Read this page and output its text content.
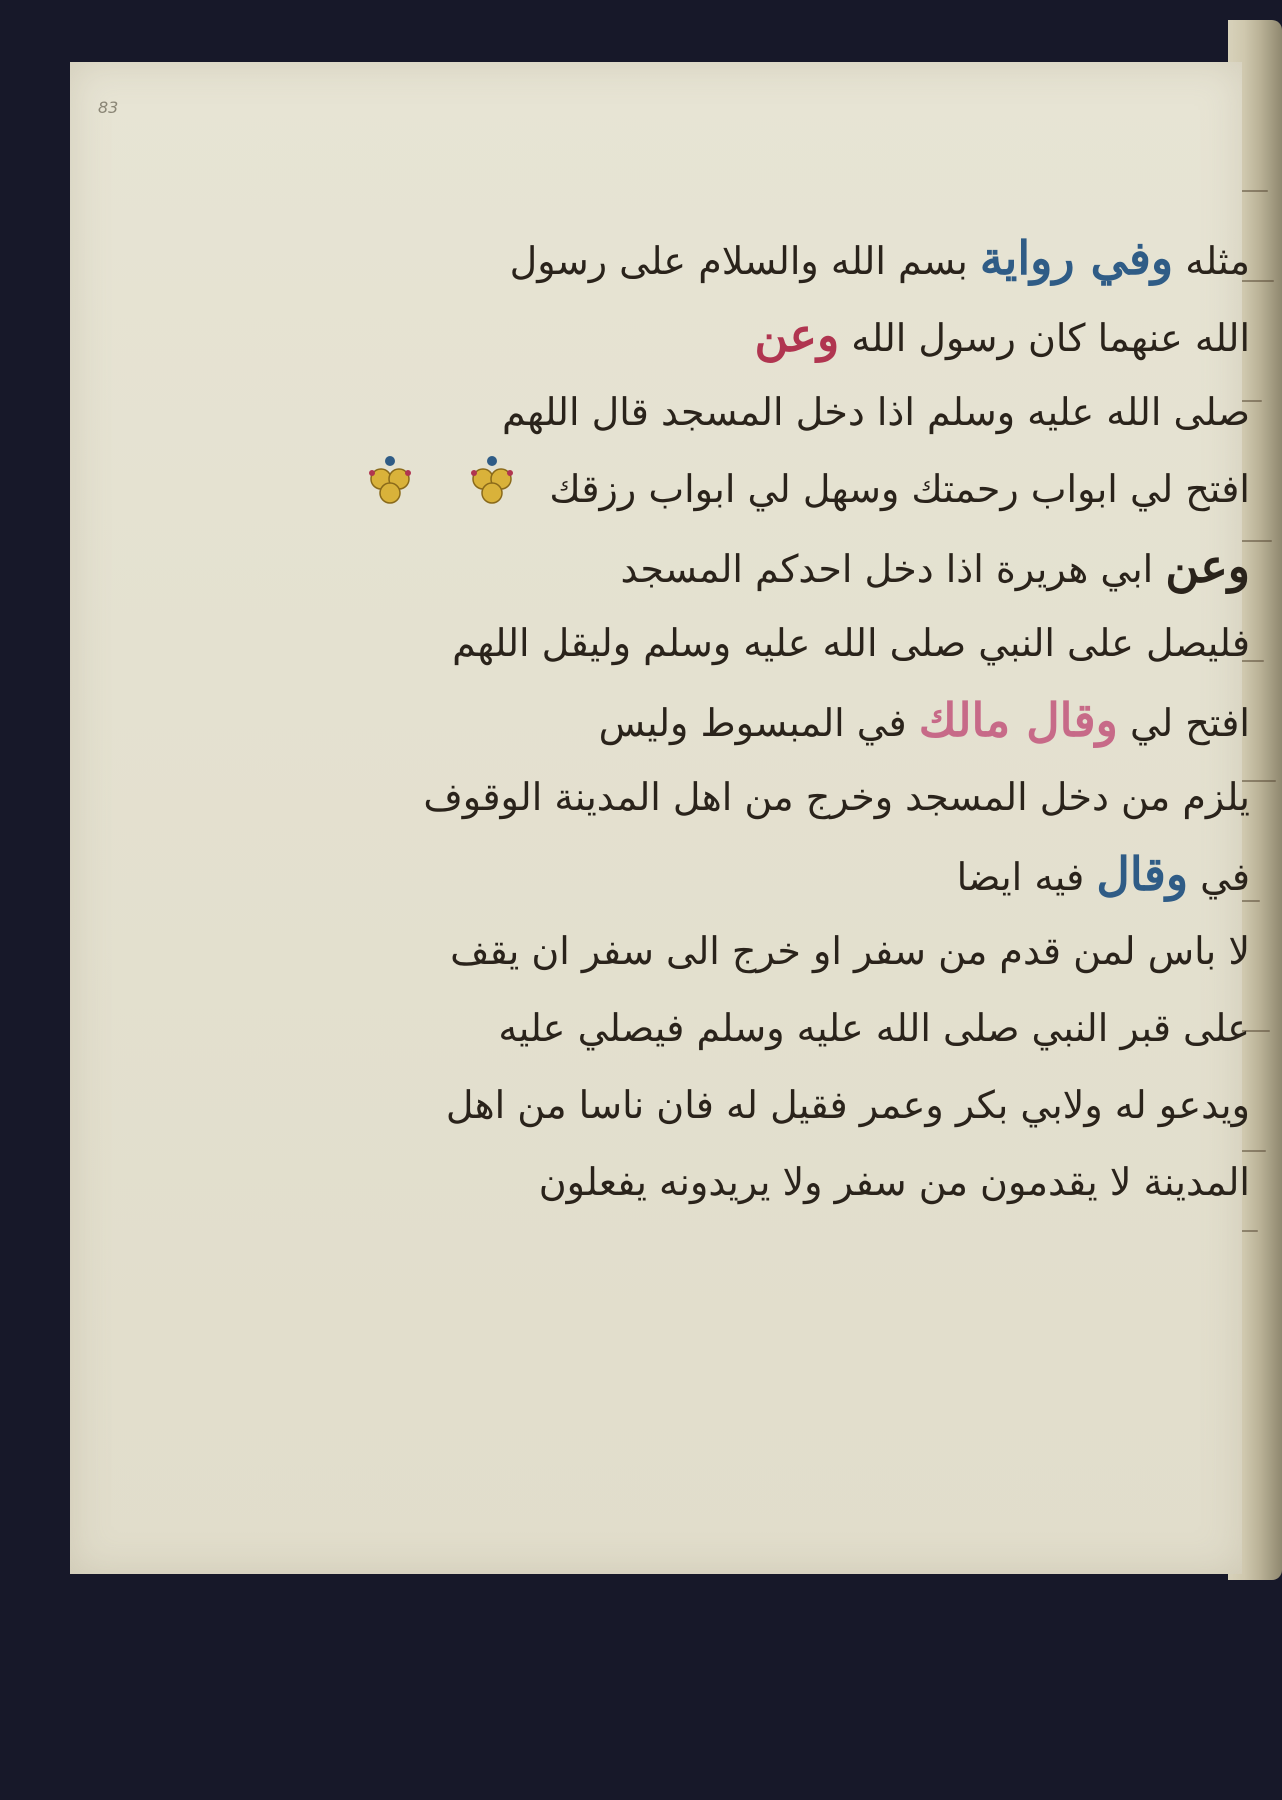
83
مثله وفي رواية بسم الله والسلام على رسول
الله عنهما كان رسول الله وعن
صلى الله عليه وسلم اذا دخل المسجد قال اللهم
افتح لي ابواب رحمتك وسهل لي ابواب رزقك
وعن ابي هريرة اذا دخل احدكم المسجد
فليصل على النبي صلى الله عليه وسلم وليقل اللهم
افتح لي وقال مالك في المبسوط وليس
يلزم من دخل المسجد وخرج من اهل المدينة الوقوف
في وقال فيه ايضا
لا باس لمن قدم من سفر او خرج الى سفر ان يقف
على قبر النبي صلى الله عليه وسلم فيصلي عليه
ويدعو له ولابي بكر وعمر فقيل له فان ناسا من اهل
المدينة لا يقدمون من سفر ولا يريدونه يفعلون
